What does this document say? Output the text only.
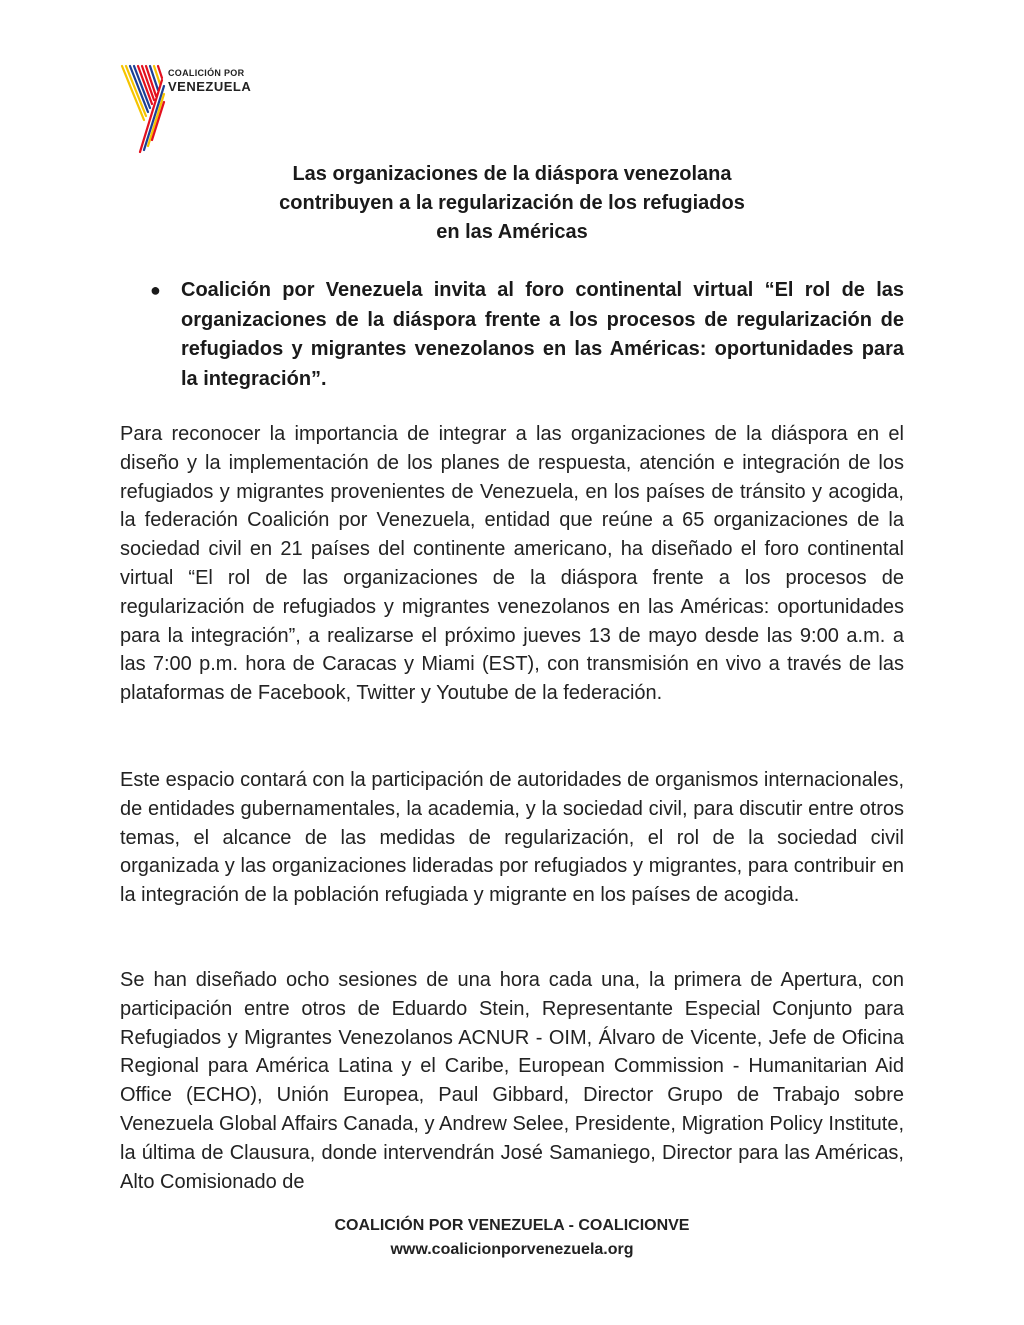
COALICIÓN POR
VENEZUELA
Las organizaciones de la diáspora venezolana
contribuyen a la regularización de los refugiados
en las Américas
●	Coalición por Venezuela invita al foro continental virtual “El rol de las organizaciones de la diáspora frente a los procesos de regularización de refugiados y migrantes venezolanos en las Américas: oportunidades para la integración”.
Para reconocer la importancia de integrar a las organizaciones de la diáspora en el diseño y la implementación de los planes de respuesta, atención e integración de los refugiados y migrantes provenientes de Venezuela, en los países de tránsito y acogida, la federación Coalición por Venezuela, entidad que reúne a 65 organizaciones de la sociedad civil en 21 países del continente americano, ha diseñado el foro continental virtual “El rol de las organizaciones de la diáspora frente a los procesos de regularización de refugiados y migrantes venezolanos en las Américas: oportunidades para la integración”, a realizarse el próximo jueves 13 de mayo desde las 9:00 a.m. a las 7:00 p.m. hora de Caracas y Miami (EST), con transmisión en vivo a través de las plataformas de Facebook, Twitter y Youtube de la federación.
Este espacio contará con la participación de autoridades de organismos internacionales, de entidades gubernamentales, la academia, y la sociedad civil, para discutir entre otros temas, el alcance de las medidas de regularización, el rol de la sociedad civil organizada y las organizaciones lideradas por refugiados y migrantes, para contribuir en la integración de la población refugiada y migrante en los países de acogida.
Se han diseñado ocho sesiones de una hora cada una, la primera de Apertura, con participación entre otros de Eduardo Stein, Representante Especial Conjunto para Refugiados y Migrantes Venezolanos ACNUR - OIM, Álvaro de Vicente, Jefe de Oficina Regional para América Latina y el Caribe, European Commission - Humanitarian Aid Office (ECHO), Unión Europea, Paul Gibbard, Director Grupo de Trabajo sobre Venezuela Global Affairs Canada, y Andrew Selee, Presidente, Migration Policy Institute, la última de Clausura, donde intervendrán José Samaniego, Director para las Américas, Alto Comisionado de
COALICIÓN POR VENEZUELA - COALICIONVE
www.coalicionporvenezuela.org
